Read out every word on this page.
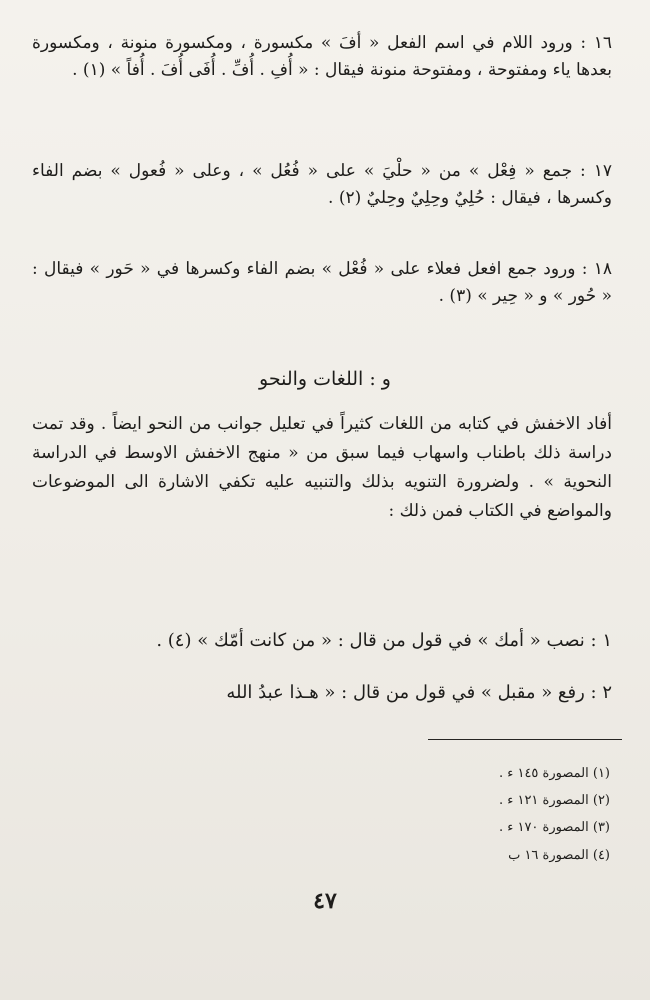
١٦ : ورود اللام في اسم الفعل « أفَ » مكسورة ، ومكسورة منونة ، ومكسورة بعدها ياء ومفتوحة ، ومفتوحة منونة فيقال : « أُفِ . أُفِّ . أُفَى أُفَ . أُفاً » (١) .

١٧ : جمع « فِعْل » من « حلْيَ » على « فُعُل » ، وعلى « فُعول » بضم الفاء وكسرها ، فيقال : حُلِيٌ وحِلِيٌ وحِليٌ (٢) .

١٨ : ورود جمع افعل فعلاء على « فُعْل » بضم الفاء وكسرها في « حَور » فيقال : « حُور » و « حِير » (٣) .

و : اللغات والنحو

أفاد الاخفش في كتابه من اللغات كثيراً في تعليل جوانب من النحو ايضاً . وقد تمت دراسة ذلك باطناب واسهاب فيما سبق من « منهج الاخفش الاوسط في الدراسة النحوية » . ولضرورة التنويه بذلك والتنبيه عليه تكفي الاشارة الى الموضوعات والمواضع في الكتاب فمن ذلك :

١ : نصب « أمك » في قول من قال : « من كانت أمّك » (٤) .

٢ : رفع « مقبل » في قول من قال : « هـذا عبدُ الله

(١) المصورة ١٤٥ ء .
(٢) المصورة ١٢١ ء .
(٣) المصورة ١٧٠ ء .
(٤) المصورة ١٦ ب
٤٧
